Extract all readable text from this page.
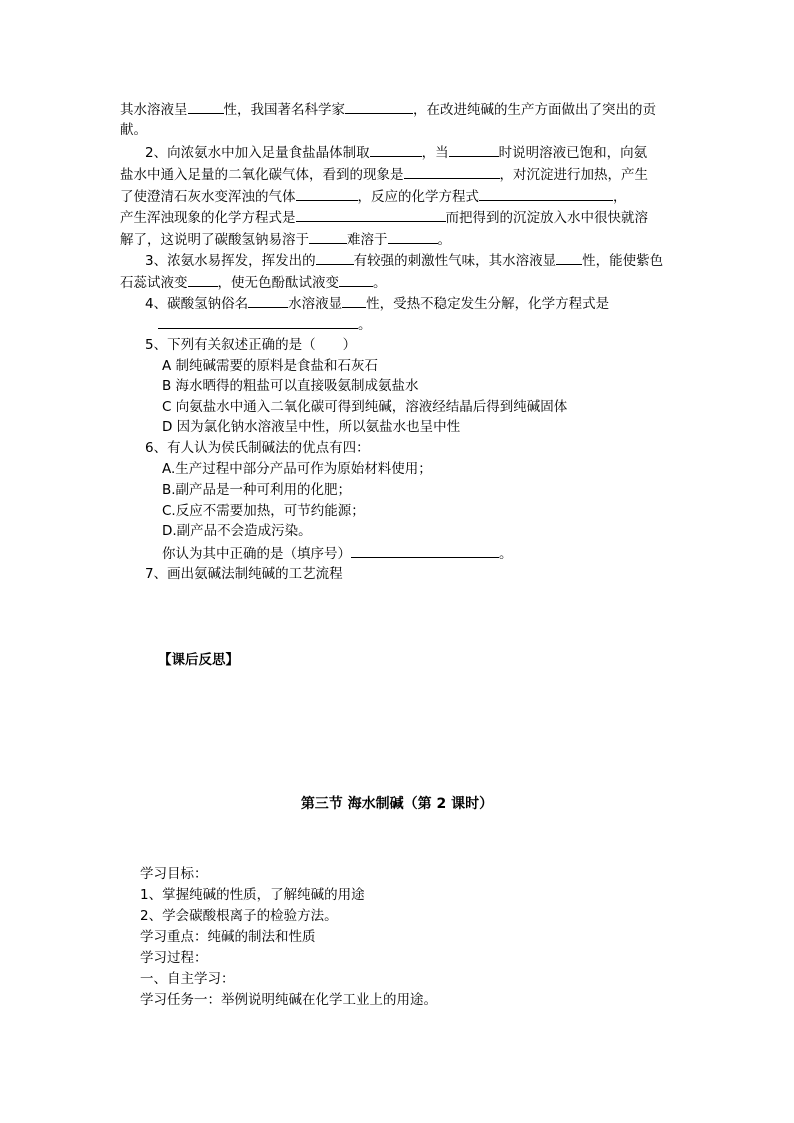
其水溶液呈	性，我国著名科学家	，在改进纯碱的生产方面做出了突出的贡
献。
2、向浓氨水中加入足量食盐晶体制取	，当	时说明溶液已饱和，向氨
盐水中通入足量的二氧化碳气体，看到的现象是	，对沉淀进行加热，产生
了使澄清石灰水变浑浊的气体	，反应的化学方程式	，
产生浑浊现象的化学方程式是	而把得到的沉淀放入水中很快就溶
解了，这说明了碳酸氢钠易溶于	难溶于	。
3、浓氨水易挥发，挥发出的	有较强的刺激性气味，其水溶液显 性，能使紫色
石蕊试液变 ，使无色酚酞试液变	。
4、碳酸氢钠俗名	水溶液显 性，受热不稳定发生分解，化学方程式是
。
5、下列有关叙述正确的是（　　）
A 制纯碱需要的原料是食盐和石灰石
B 海水晒得的粗盐可以直接吸氨制成氨盐水
C 向氨盐水中通入二氧化碳可得到纯碱，溶液经结晶后得到纯碱固体
D 因为氯化钠水溶液呈中性，所以氨盐水也呈中性
6、有人认为侯氏制碱法的优点有四：
A.生产过程中部分产品可作为原始材料使用；
B.副产品是一种可利用的化肥；
C.反应不需要加热，可节约能源；
D.副产品不会造成污染。
你认为其中正确的是（填序号）	。
7、画出氨碱法制纯碱的工艺流程
【课后反思】
第三节 海水制碱（第 2 课时）
学习目标：
1、掌握纯碱的性质，了解纯碱的用途
2、学会碳酸根离子的检验方法。
学习重点：纯碱的制法和性质
学习过程：
一、自主学习：
学习任务一：举例说明纯碱在化学工业上的用途。
